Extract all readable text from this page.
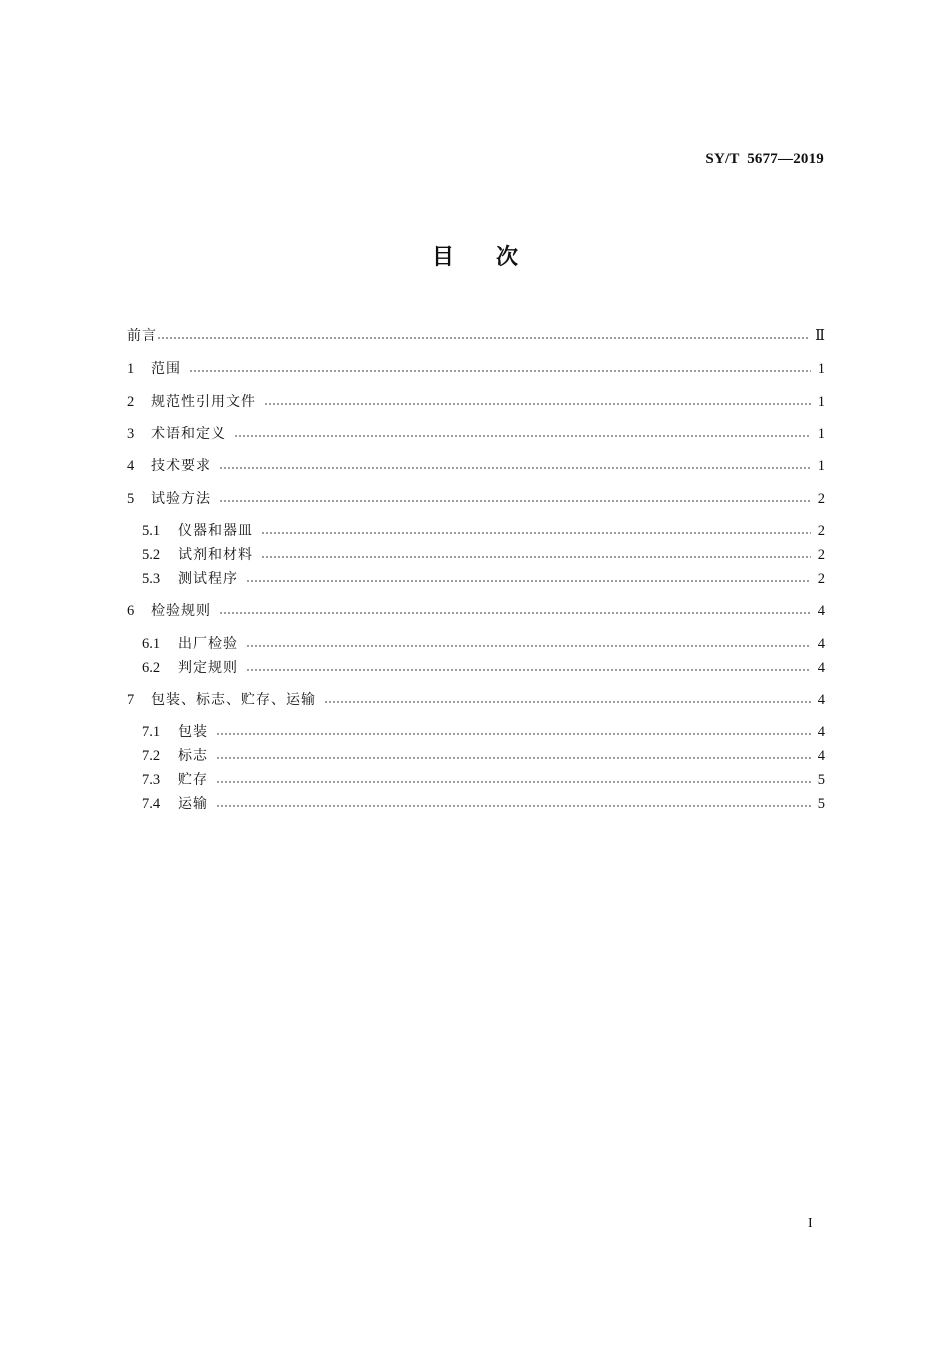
SY/T  5677—2019
目 次
前言	Ⅱ
1	范围	1
2	规范性引用文件	1
3	术语和定义	1
4	技术要求	1
5	试验方法	2
5.1	仪器和器皿	2
5.2	试剂和材料	2
5.3	测试程序	2
6	检验规则	4
6.1	出厂检验	4
6.2	判定规则	4
7	包装、标志、贮存、运输	4
7.1	包装	4
7.2	标志	4
7.3	贮存	5
7.4	运输	5
I
